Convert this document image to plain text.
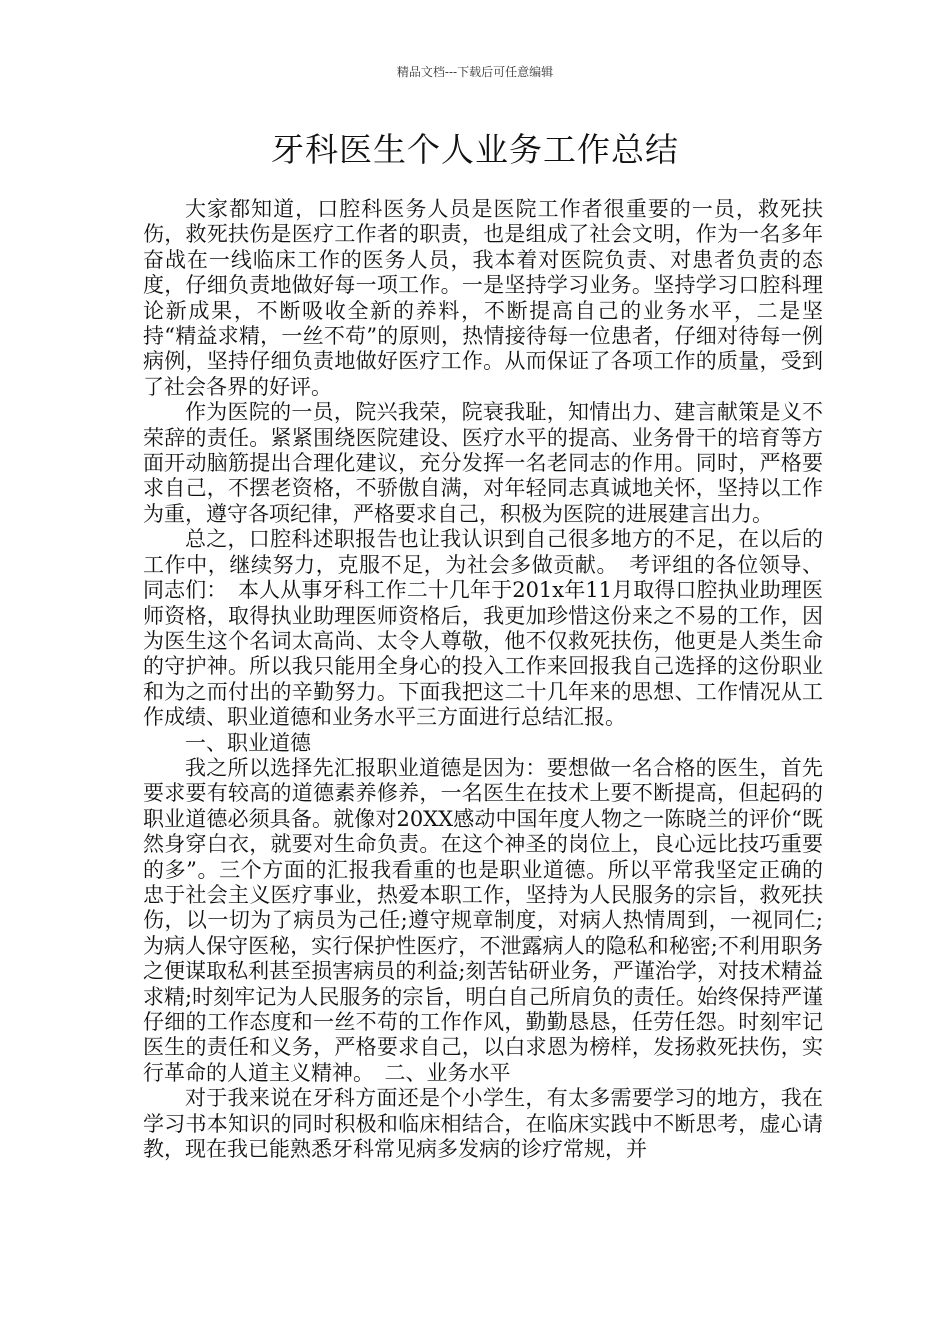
精品文档---下载后可任意编辑
牙科医生个人业务工作总结

大家都知道，口腔科医务人员是医院工作者很重要的一员，救死扶伤，救死扶伤是医疗工作者的职责，也是组成了社会文明，作为一名多年奋战在一线临床工作的医务人员，我本着对医院负责、对患者负责的态度，仔细负责地做好每一项工作。一是坚持学习业务。坚持学习口腔科理论新成果，不断吸收全新的养料，不断提高自己的业务水平，二是坚持“精益求精，一丝不苟”的原则，热情接待每一位患者，仔细对待每一例病例，坚持仔细负责地做好医疗工作。从而保证了各项工作的质量，受到了社会各界的好评。

作为医院的一员，院兴我荣，院衰我耻，知情出力、建言献策是义不荣辞的责任。紧紧围绕医院建设、医疗水平的提高、业务骨干的培育等方面开动脑筋提出合理化建议，充分发挥一名老同志的作用。同时，严格要求自己，不摆老资格，不骄傲自满，对年轻同志真诚地关怀，坚持以工作为重，遵守各项纪律，严格要求自己，积极为医院的进展建言出力。

总之，口腔科述职报告也让我认识到自己很多地方的不足，在以后的工作中，继续努力，克服不足，为社会多做贡献。　考评组的各位领导、同志们：　本人从事牙科工作二十几年于201x年11月取得口腔执业助理医师资格，取得执业助理医师资格后，我更加珍惜这份来之不易的工作，因为医生这个名词太高尚、太令人尊敬，他不仅救死扶伤，他更是人类生命的守护神。所以我只能用全身心的投入工作来回报我自己选择的这份职业和为之而付出的辛勤努力。下面我把这二十几年来的思想、工作情况从工作成绩、职业道德和业务水平三方面进行总结汇报。

一、职业道德

我之所以选择先汇报职业道德是因为：要想做一名合格的医生，首先要求要有较高的道德素养修养，一名医生在技术上要不断提高，但起码的职业道德必须具备。就像对20XX感动中国年度人物之一陈晓兰的评价“既然身穿白衣，就要对生命负责。在这个神圣的岗位上，良心远比技巧重要的多”。三个方面的汇报我看重的也是职业道德。所以平常我坚定正确的忠于社会主义医疗事业，热爱本职工作，坚持为人民服务的宗旨，救死扶伤，以一切为了病员为己任;遵守规章制度，对病人热情周到，一视同仁;为病人保守医秘，实行保护性医疗，不泄露病人的隐私和秘密;不利用职务之便谋取私利甚至损害病员的利益;刻苦钻研业务，严谨治学，对技术精益求精;时刻牢记为人民服务的宗旨，明白自己所肩负的责任。始终保持严谨仔细的工作态度和一丝不苟的工作作风，勤勤恳恳，任劳任怨。时刻牢记医生的责任和义务，严格要求自己，以白求恩为榜样，发扬救死扶伤，实行革命的人道主义精神。　二、业务水平

对于我来说在牙科方面还是个小学生，有太多需要学习的地方，我在学习书本知识的同时积极和临床相结合，在临床实践中不断思考，虚心请教，现在我已能熟悉牙科常见病多发病的诊疗常规，并
